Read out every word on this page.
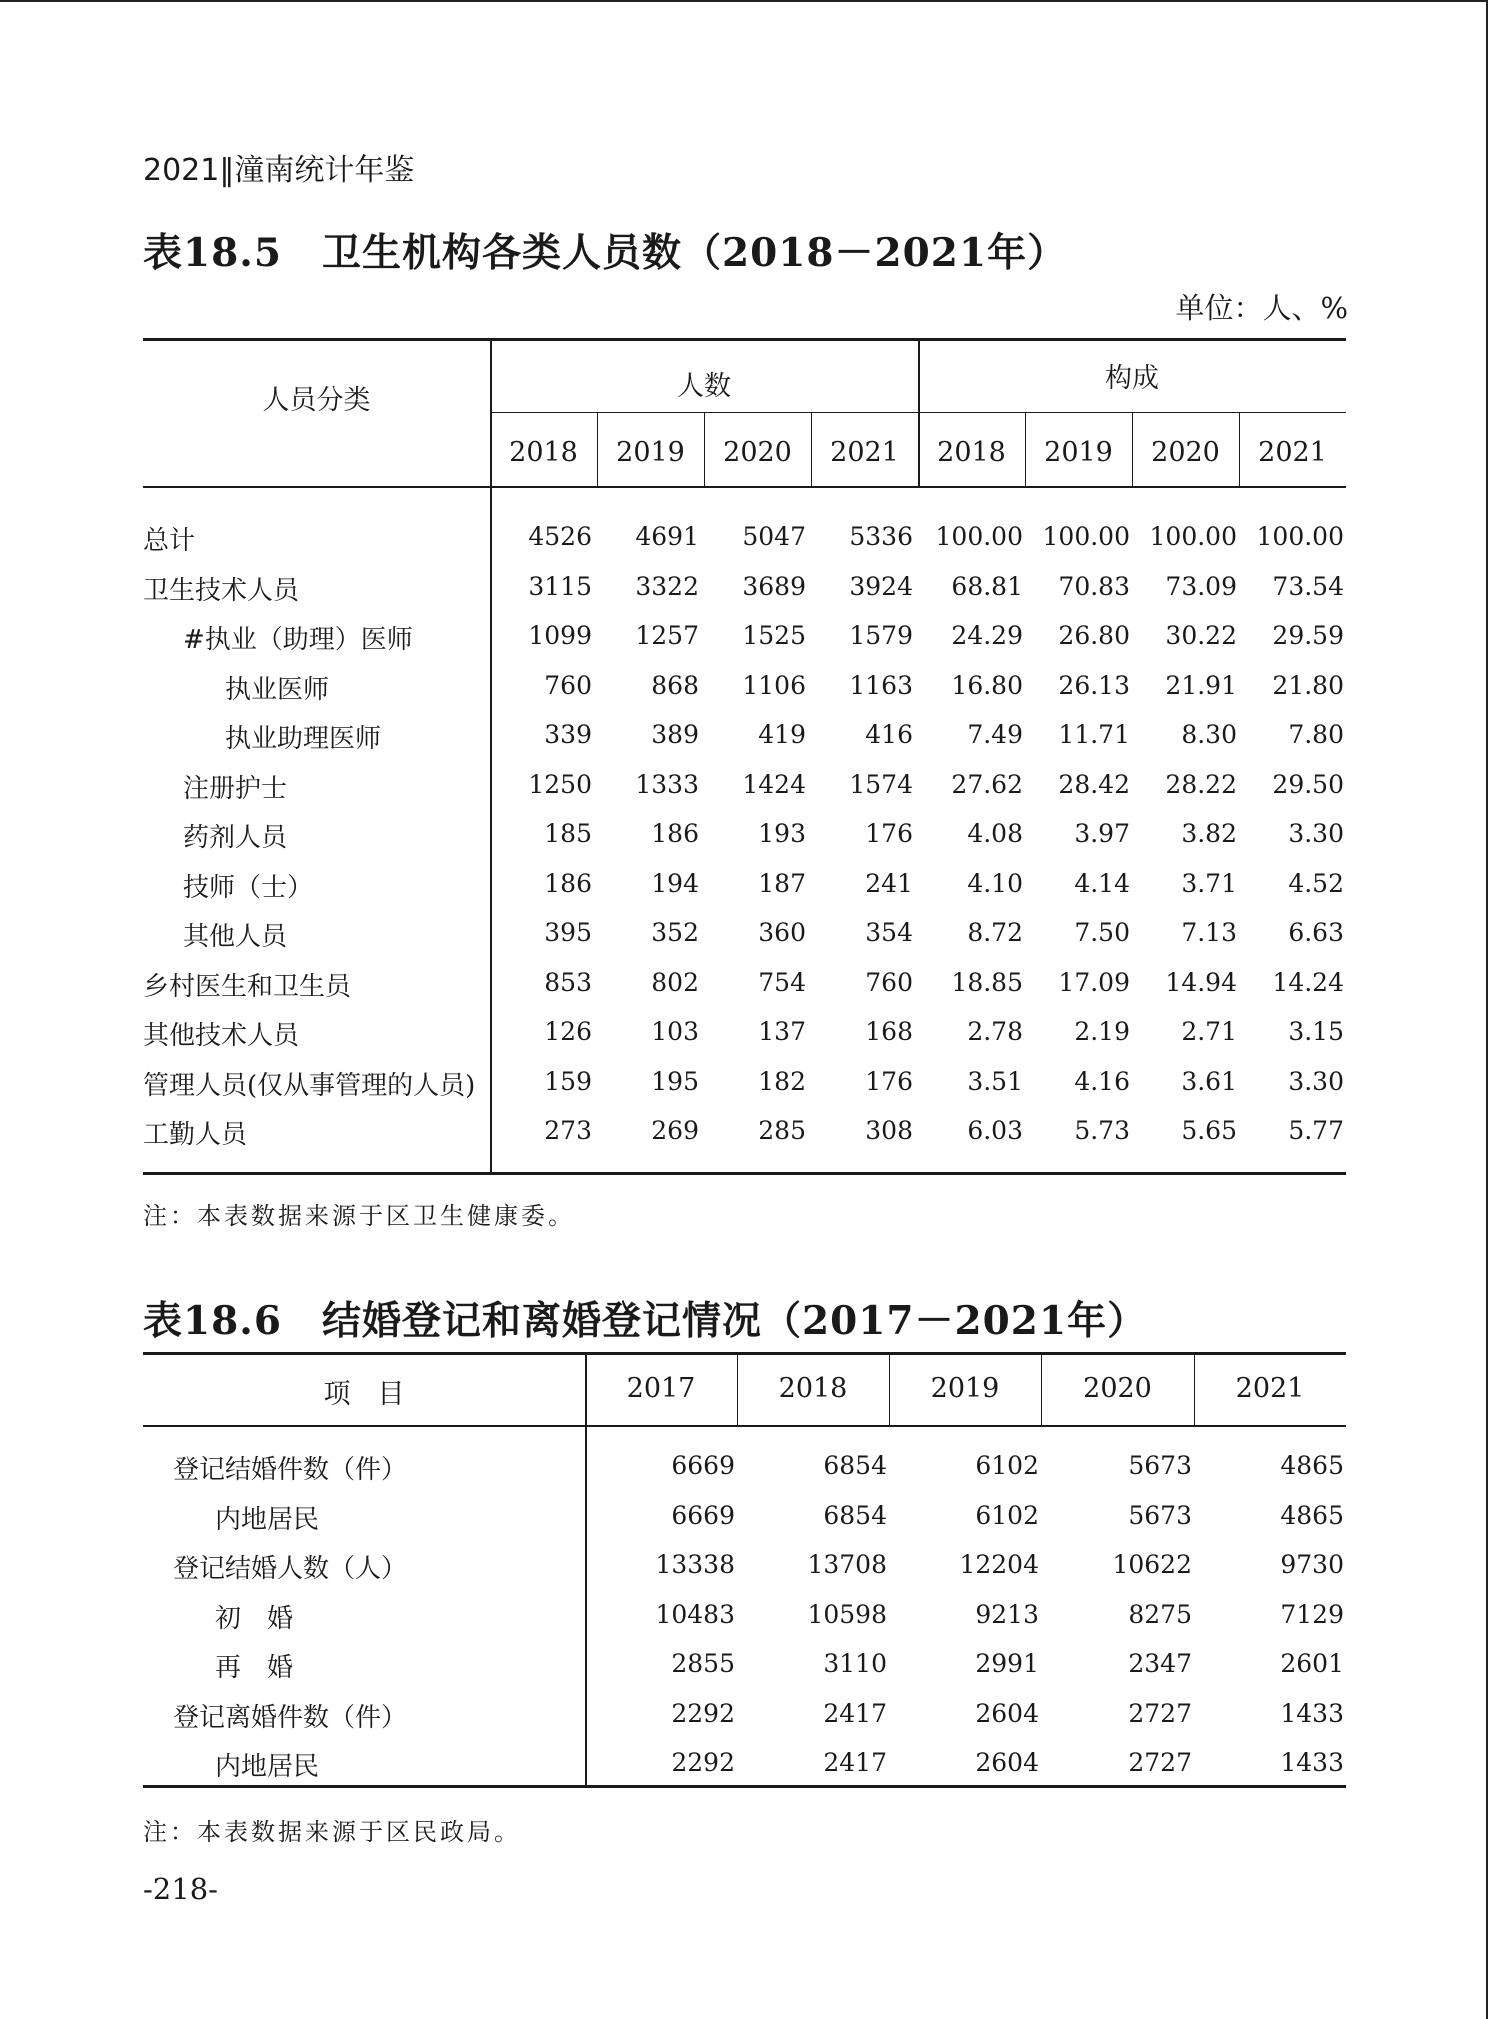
2021‖潼南统计年鉴
表18.5　卫生机构各类人员数（2018－2021年）
单位：人、%
人员分类	人数	构成
2018	2019	2020	2021	2018	2019	2020	2021
总计	4526	4691	5047	5336 100.00 100.00 100.00 100.00
卫生技术人员	3115	3322	3689	3924	68.81	70.83	73.09	73.54
#执业（助理）医师	1099	1257	1525	1579	24.29	26.80	30.22	29.59
执业医师	760	868	1106	1163	16.80	26.13	21.91	21.80
执业助理医师	339	389	419	416	7.49	11.71	8.30	7.80
注册护士	1250	1333	1424	1574	27.62	28.42	28.22	29.50
药剂人员	185	186	193	176	4.08	3.97	3.82	3.30
技师（士）	186	194	187	241	4.10	4.14	3.71	4.52
其他人员	395	352	360	354	8.72	7.50	7.13	6.63
乡村医生和卫生员	853	802	754	760	18.85	17.09	14.94	14.24
其他技术人员	126	103	137	168	2.78	2.19	2.71	3.15
管理人员(仅从事管理的人员)	159	195	182	176	3.51	4.16	3.61	3.30
工勤人员	273	269	285	308	6.03	5.73	5.65	5.77
注：本表数据来源于区卫生健康委。
表18.6　结婚登记和离婚登记情况（2017－2021年）
项　目	2017	2018	2019	2020	2021
登记结婚件数（件）	6669	6854	6102	5673	4865
内地居民	6669	6854	6102	5673	4865
登记结婚人数（人）	13338	13708	12204	10622	9730
初　婚	10483	10598	9213	8275	7129
再　婚	2855	3110	2991	2347	2601
登记离婚件数（件）	2292	2417	2604	2727	1433
内地居民	2292	2417	2604	2727	1433
注：本表数据来源于区民政局。
-218-
